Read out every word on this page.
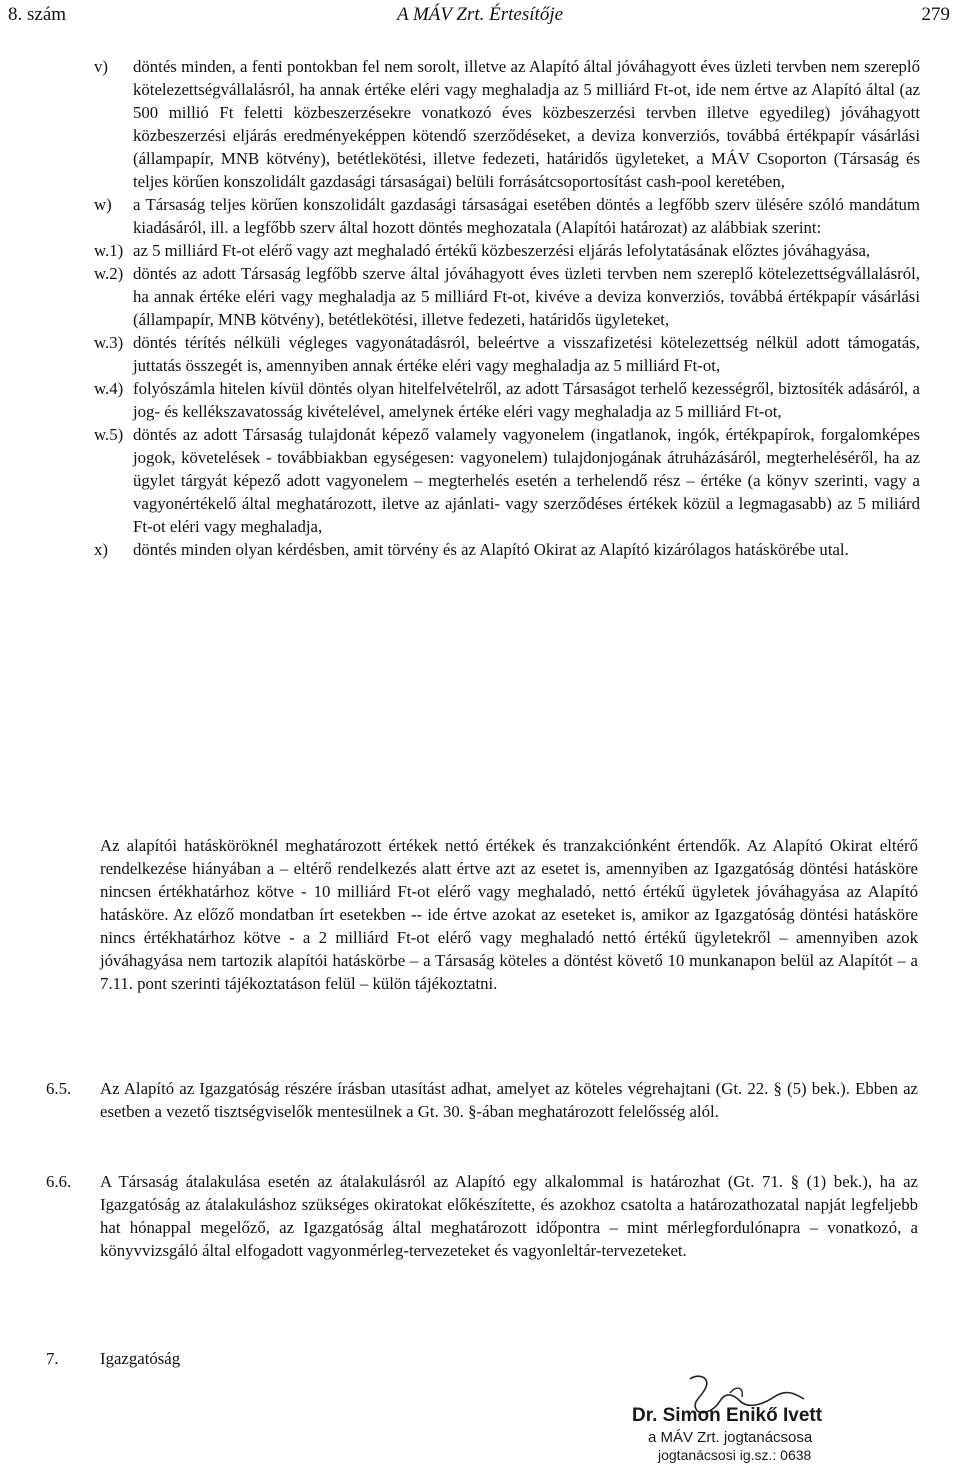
8. szám	A MÁV Zrt. Értesítője	279
v)	döntés minden, a fenti pontokban fel nem sorolt, illetve az Alapító által jóváhagyott éves üzleti tervben nem szereplő kötelezettségvállalásról, ha annak értéke eléri vagy meghaladja az 5 milliárd Ft-ot, ide nem értve az Alapító által (az 500 millió Ft feletti közbeszerzésekre vonatkozó éves közbeszerzési tervben illetve egyedileg) jóváhagyott közbeszerzési eljárás eredményeképpen kötendő szerződéseket, a deviza konverziós, továbbá értékpapír vásárlási (állampapír, MNB kötvény), betétlekötési, illetve fedezeti, határidős ügyleteket, a MÁV Csoporton (Társaság és teljes körűen konszolidált gazdasági társaságai) belüli forrásátcsoportosítást cash-pool keretében,
w)	a Társaság teljes körűen konszolidált gazdasági társaságai esetében döntés a legfőbb szerv ülésére szóló mandátum kiadásáról, ill. a legfőbb szerv által hozott döntés meghozatala (Alapítói határozat) az alábbiak szerint:
w.1) az 5 milliárd Ft-ot elérő vagy azt meghaladó értékű közbeszerzési eljárás lefolytatásának előztes jóváhagyása,
w.2) döntés az adott Társaság legfőbb szerve által jóváhagyott éves üzleti tervben nem szereplő kötelezettségvállalásról, ha annak értéke eléri vagy meghaladja az 5 milliárd Ft-ot, kivéve a deviza konverziós, továbbá értékpapír vásárlási (állampapír, MNB kötvény), betétlekötési, illetve fedezeti, határidős ügyleteket,
w.3) döntés térítés nélküli végleges vagyonátadásról, beleértve a visszafizetési kötelezettség nélkül adott támogatás, juttatás összegét is, amennyiben annak értéke eléri vagy meghaladja az 5 milliárd Ft-ot,
w.4) folyószámla hitelen kívül döntés olyan hitelfelvételről, az adott Társaságot terhelő kezességről, biztosíték adásáról, a jog- és kellékszavatosság kivételével, amelynek értéke eléri vagy meghaladja az 5 milliárd Ft-ot,
w.5) döntés az adott Társaság tulajdonát képező valamely vagyonelem (ingatlanok, ingók, értékpapírok, forgalomképes jogok, követelések - továbbiakban egységesen: vagyonelem) tulajdonjogának átruházásáról, megterheléséről, ha az ügylet tárgyát képező adott vagyonelem – megterhelés esetén a terhelendő rész – értéke (a könyv szerinti, vagy a vagyonértékelő által meghatározott, iletve az ajánlati- vagy szerződéses értékek közül a legmagasabb) az 5 miliárd Ft-ot eléri vagy meghaladja,
x)	döntés minden olyan kérdésben, amit törvény és az Alapító Okirat az Alapító kizárólagos hatáskörébe utal.
Az alapítói hatásköröknél meghatározott értékek nettó értékek és tranzakciónként értendők. Az Alapító Okirat eltérő rendelkezése hiányában a – eltérő rendelkezés alatt értve azt az esetet is, amennyiben az Igazgatóság döntési hatásköre nincsen értékhatárhoz kötve - 10 milliárd Ft-ot elérő vagy meghaladó, nettó értékű ügyletek jóváhagyása az Alapító hatásköre. Az előző mondatban írt esetekben -- ide értve azokat az eseteket is, amikor az Igazgatóság döntési hatásköre nincs értékhatárhoz kötve - a 2 milliárd Ft-ot elérő vagy meghaladó nettó értékű ügyletekről – amennyiben azok jóváhagyása nem tartozik alapítói hatáskörbe – a Társaság köteles a döntést követő 10 munkanapon belül az Alapítót – a 7.11. pont szerinti tájékoztatáson felül – külön tájékoztatni.
6.5.	Az Alapító az Igazgatóság részére írásban utasítást adhat, amelyet az köteles végrehajtani (Gt. 22. § (5) bek.). Ebben az esetben a vezető tisztségviselők mentesülnek a Gt. 30. §-ában meghatározott felelősség alól.
6.6.	A Társaság átalakulása esetén az átalakulásról az Alapító egy alkalommal is határozhat (Gt. 71. § (1) bek.), ha az Igazgatóság az átalakuláshoz szükséges okiratokat előkészítette, és azokhoz csatolta a határozathozatal napját legfeljebb hat hónappal megelőző, az Igazgatóság által meghatározott időpontra – mint mérlegfordulónapra – vonatkozó, a könyvvizsgáló által elfogadott vagyonmérleg-tervezeteket és vagyonleltár-tervezeteket.
7.	Igazgatóság
Dr. Simon Enikő Ivett
a MÁV Zrt. jogtanácsosa
jogtanácsosi ig.sz.: 0638
